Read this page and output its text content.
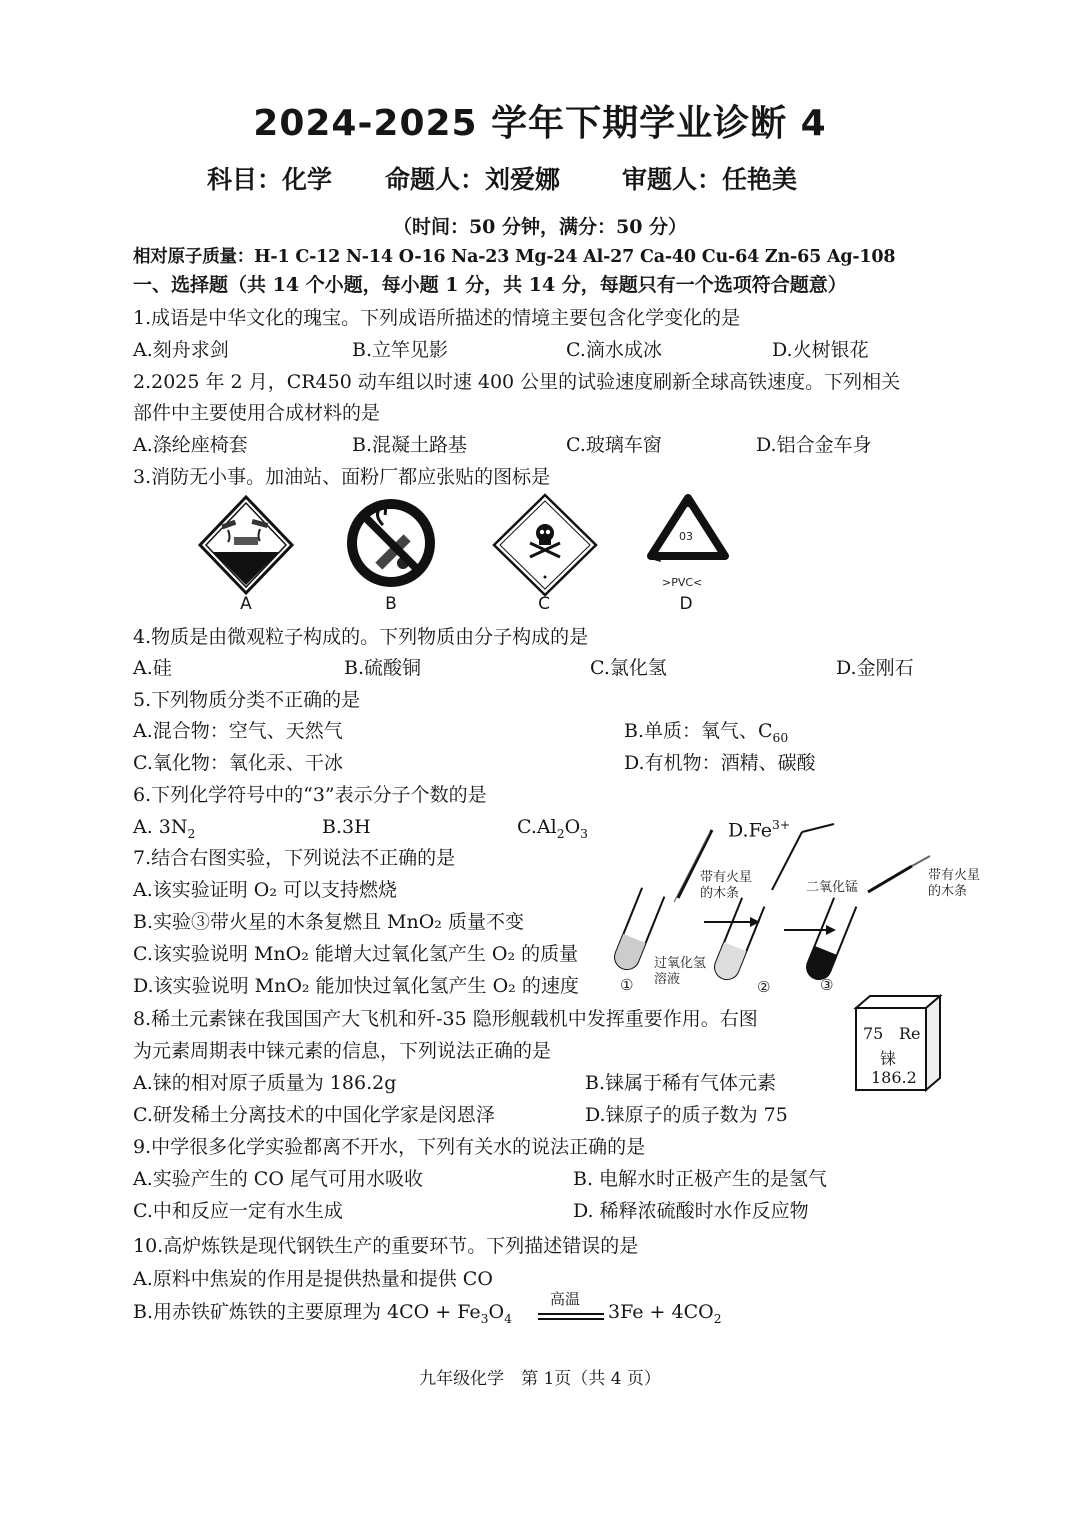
2024-2025 学年下期学业诊断 4
科目：化学 命题人：刘爱娜 审题人：任艳美
（时间：50 分钟，满分：50 分）
相对原子质量：H-1 C-12 N-14 O-16 Na-23 Mg-24 Al-27 Ca-40 Cu-64 Zn-65 Ag-108
一、选择题（共 14 个小题，每小题 1 分，共 14 分，每题只有一个选项符合题意）
1.成语是中华文化的瑰宝。下列成语所描述的情境主要包含化学变化的是
A.刻舟求剑	B.立竿见影	C.滴水成冰	D.火树银花
2.2025 年 2 月，CR450 动车组以时速 400 公里的试验速度刷新全球高铁速度。下列相关
部件中主要使用合成材料的是
A.涤纶座椅套	B.混凝土路基	C.玻璃车窗	D.铝合金车身
3.消防无小事。加油站、面粉厂都应张贴的图标是
A	B	C
03
>PVC<
D
4.物质是由微观粒子构成的。下列物质由分子构成的是
A.硅	B.硫酸铜	C.氯化氢	D.金刚石
5.下列物质分类不正确的是
A.混合物：空气、天然气	B.单质：氧气、$C_{60}$
C.氧化物：氧化汞、干冰	D.有机物：酒精、碳酸
6.下列化学符号中的“3”表示分子个数的是
A. $3N_2$	B.3H	$C.Al_2O_3$	$D.Fe^{3+}$
7.结合右图实验，下列说法不正确的是
A.该实验证明 O₂ 可以支持燃烧
B.实验③带火星的木条复燃且 MnO₂ 质量不变
C.该实验说明 MnO₂ 能增大过氧化氢产生 O₂ 的质量
D.该实验说明 MnO₂ 能加快过氧化氢产生 O₂ 的速度
带有火星的木条	二氧化锰
带有火星的木条
过氧化氢溶液
①	②	③
8.稀土元素铼在我国国产大飞机和歼-35 隐形舰载机中发挥重要作用。右图
为元素周期表中铼元素的信息，下列说法正确的是
A.铼的相对原子质量为 186.2g	B.铼属于稀有气体元素
C.研发稀土分离技术的中国化学家是闵恩泽	D.铼原子的质子数为 75
75 Re
铼
186.2
9.中学很多化学实验都离不开水，下列有关水的说法正确的是
A.实验产生的 CO 尾气可用水吸收	B. 电解水时正极产生的是氢气
C.中和反应一定有水生成	D. 稀释浓硫酸时水作反应物
10.高炉炼铁是现代钢铁生产的重要环节。下列描述错误的是
A.原料中焦炭的作用是提供热量和提供 CO
B.用赤铁矿炼铁的主要原理为 $4CO + Fe_3O_4$
高温
$3Fe + 4CO_2$
九年级化学　第 1页（共 4 页）
